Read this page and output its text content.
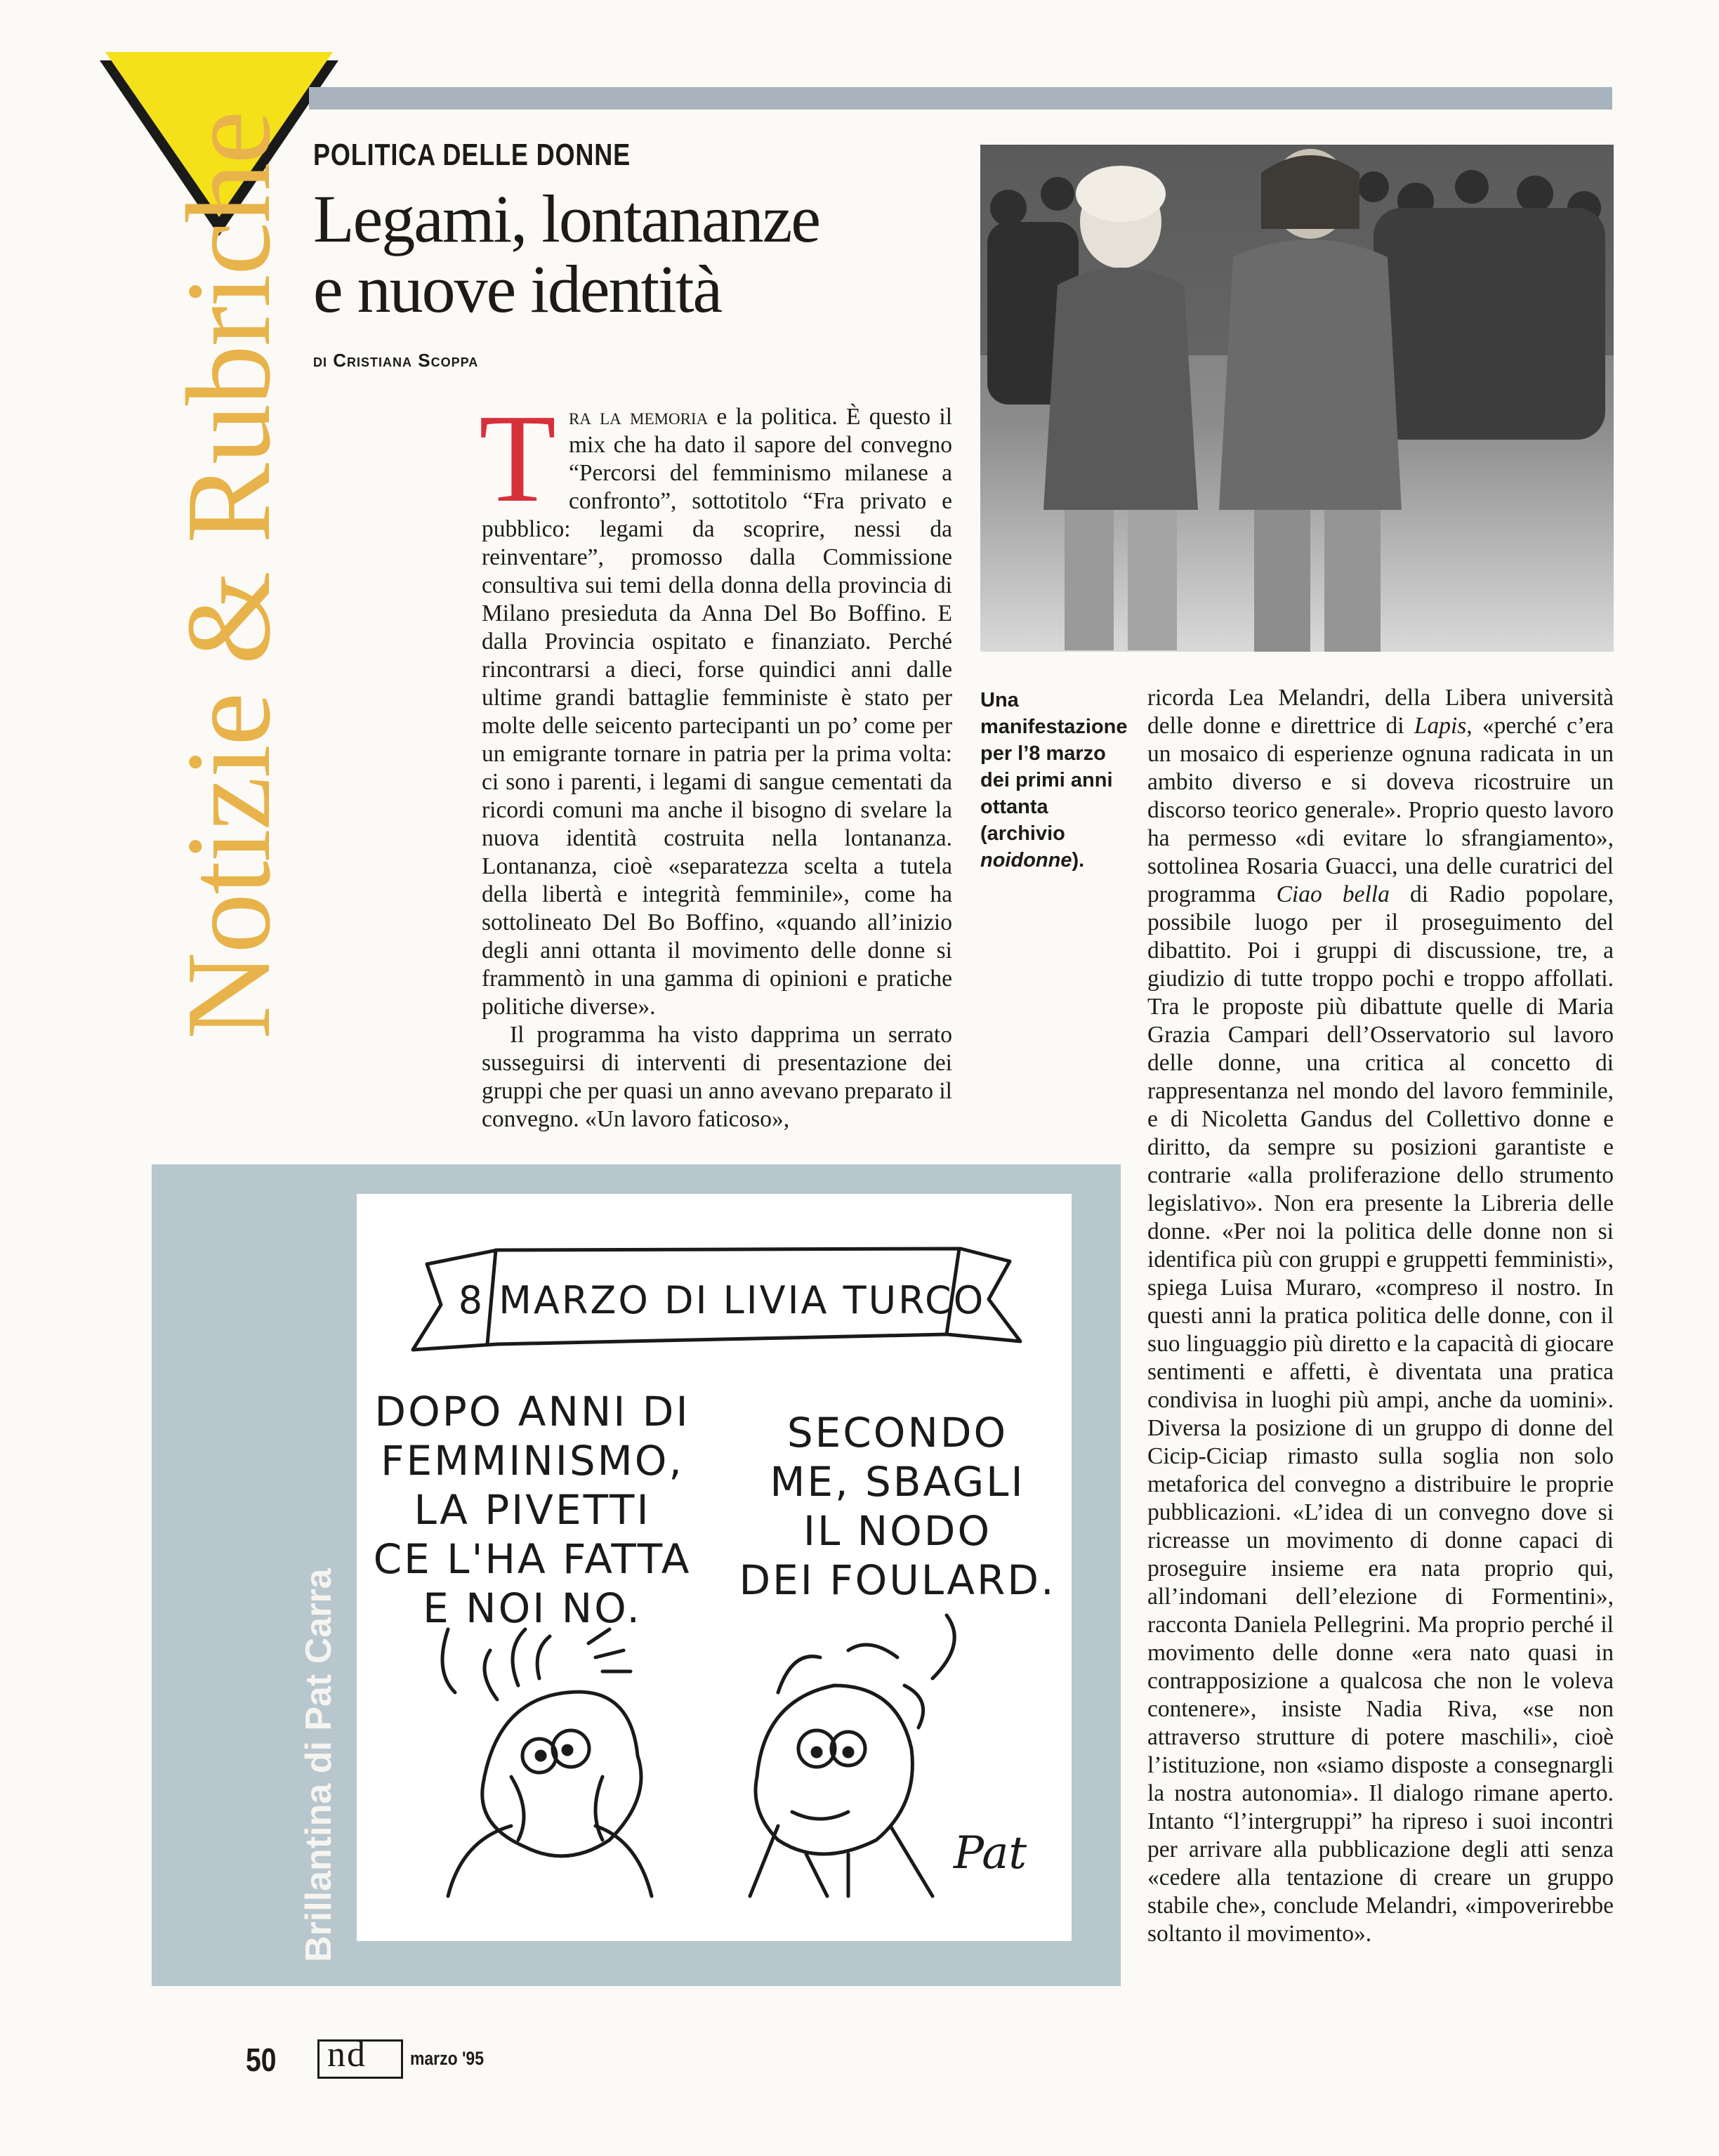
Notizie & Rubriche POLITICA DELLE DONNE
Legami, lontananze
e nuove identità
di Cristiana Scoppa
Una manifestazione per l’8 marzo dei primi anni ottanta (archivio noidonne).

Tra la memoria e la politica. È questo il mix che ha dato il sapore del convegno “Percorsi del femminismo milanese a confronto”, sottotitolo “Fra privato e pubblico: legami da scoprire, nessi da reinventare”, promosso dalla Commissione consultiva sui temi della donna della provincia di Milano presieduta da Anna Del Bo Boffino. E dalla Provincia ospitato e finanziato. Perché rincontrarsi a dieci, forse quindici anni dalle ultime grandi battaglie femministe è stato per molte delle seicento partecipanti un po’ come per un emigrante tornare in patria per la prima volta: ci sono i parenti, i legami di sangue cementati da ricordi comuni ma anche il bisogno di svelare la nuova identità costruita nella lontananza. Lontananza, cioè «separatezza scelta a tutela della libertà e integrità femminile», come ha sottolineato Del Bo Boffino, «quando all’inizio degli anni ottanta il movimento delle donne si frammentò in una gamma di opinioni e pratiche politiche diverse».

Il programma ha visto dapprima un serrato susseguirsi di interventi di presentazione dei gruppi che per quasi un anno avevano preparato il convegno. «Un lavoro faticoso»,

ricorda Lea Melandri, della Libera università delle donne e direttrice di Lapis, «perché c’era un mosaico di esperienze ognuna radicata in un ambito diverso e si doveva ricostruire un discorso teorico generale». Proprio questo lavoro ha permesso «di evitare lo sfrangiamento», sottolinea Rosaria Guacci, una delle curatrici del programma Ciao bella di Radio popolare, possibile luogo per il proseguimento del dibattito. Poi i gruppi di discussione, tre, a giudizio di tutte troppo pochi e troppo affollati. Tra le proposte più dibattute quelle di Maria Grazia Campari dell’Osservatorio sul lavoro delle donne, una critica al concetto di rappresentanza nel mondo del lavoro femminile, e di Nicoletta Gandus del Collettivo donne e diritto, da sempre su posizioni garantiste e contrarie «alla proliferazione dello strumento legislativo». Non era presente la Libreria delle donne. «Per noi la politica delle donne non si identifica più con gruppi e gruppetti femministi», spiega Luisa Muraro, «compreso il nostro. In questi anni la pratica politica delle donne, con il suo linguaggio più diretto e la capacità di giocare sentimenti e affetti, è diventata una pratica condivisa in luoghi più ampi, anche da uomini». Diversa la posizione di un gruppo di donne del Cicip-Ciciap rimasto sulla soglia non solo metaforica del convegno a distribuire le proprie pubblicazioni. «L’idea di un convegno dove si ricreasse un movimento di donne capaci di proseguire insieme era nata proprio qui, all’indomani dell’elezione di Formentini», racconta Daniela Pellegrini. Ma proprio perché il movimento delle donne «era nato quasi in contrapposizione a qualcosa che non le voleva contenere», insiste Nadia Riva, «se non attraverso strutture di potere maschili», cioè l’istituzione, non «siamo disposte a consegnargli la nostra autonomia». Il dialogo rimane aperto. Intanto “l’intergruppi” ha ripreso i suoi incontri per arrivare alla pubblicazione degli atti senza «cedere alla tentazione di creare un gruppo stabile che», conclude Melandri, «impoverirebbe soltanto il movimento».

Brillantina di Pat Carra
8 MARZO DI LIVIA TURCO
DOPO ANNI DI
FEMMINISMO,
LA PIVETTI
CE L'HA FATTA
E NOI NO.
SECONDO
ME, SBAGLI
IL NODO
DEI FOULARD.
Pat
50 nd marzo '95
